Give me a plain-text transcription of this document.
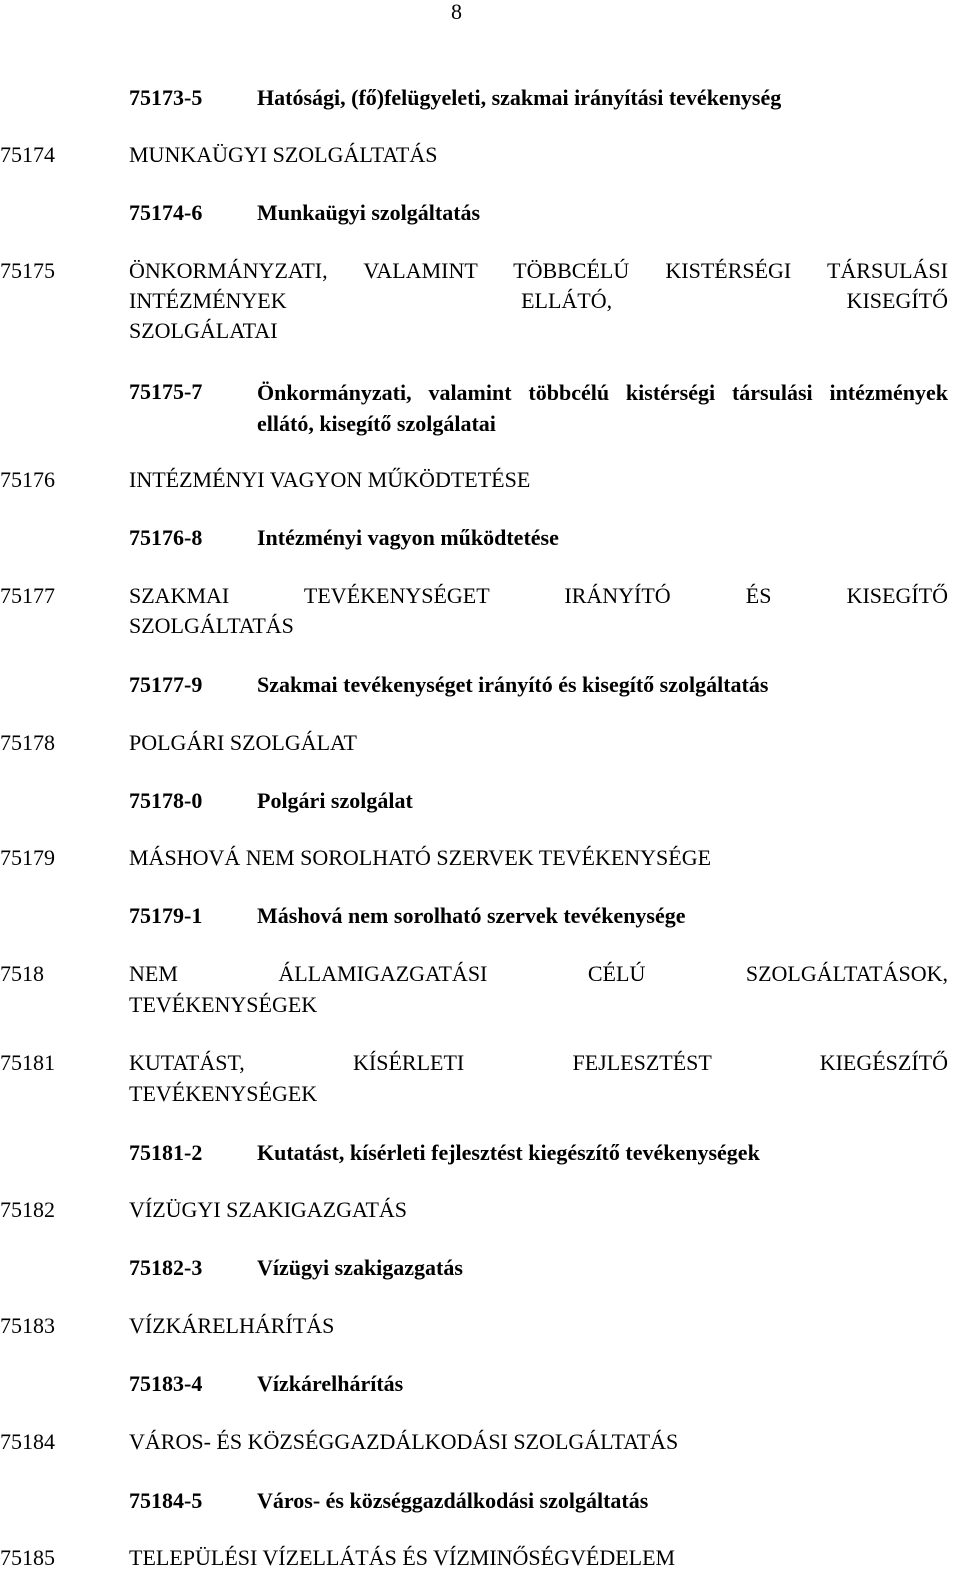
8
75173-5 Hatósági, (fő)felügyeleti, szakmai irányítási tevékenység
75174	MUNKAÜGYI SZOLGÁLTATÁS
75174-6 Munkaügyi szolgáltatás
75175	ÖNKORMÁNYZATI, VALAMINT TÖBBCÉLÚ KISTÉRSÉGI TÁRSULÁSI INTÉZMÉNYEK ELLÁTÓ, KISEGÍTŐ
SZOLGÁLATAI
75175-7 Önkormányzati, valamint többcélú kistérségi társulási intézmények ellátó, kisegítő szolgálatai
75176	INTÉZMÉNYI VAGYON MŰKÖDTETÉSE
75176-8 Intézményi vagyon működtetése
75177	SZAKMAI TEVÉKENYSÉGET IRÁNYÍTÓ ÉS KISEGÍTŐ
SZOLGÁLTATÁS
75177-9 Szakmai tevékenységet irányító és kisegítő szolgáltatás
75178	POLGÁRI SZOLGÁLAT
75178-0 Polgári szolgálat
75179	MÁSHOVÁ NEM SOROLHATÓ SZERVEK TEVÉKENYSÉGE
75179-1 Máshová nem sorolható szervek tevékenysége
7518	NEM ÁLLAMIGAZGATÁSI CÉLÚ SZOLGÁLTATÁSOK,
TEVÉKENYSÉGEK
75181	KUTATÁST, KÍSÉRLETI FEJLESZTÉST KIEGÉSZÍTŐ
TEVÉKENYSÉGEK
75181-2 Kutatást, kísérleti fejlesztést kiegészítő tevékenységek
75182	VÍZÜGYI SZAKIGAZGATÁS
75182-3 Vízügyi szakigazgatás
75183	VÍZKÁRELHÁRÍTÁS
75183-4 Vízkárelhárítás
75184	VÁROS- ÉS KÖZSÉGGAZDÁLKODÁSI SZOLGÁLTATÁS
75184-5 Város- és községgazdálkodási szolgáltatás
75185	TELEPÜLÉSI VÍZELLÁTÁS ÉS VÍZMINŐSÉGVÉDELEM
